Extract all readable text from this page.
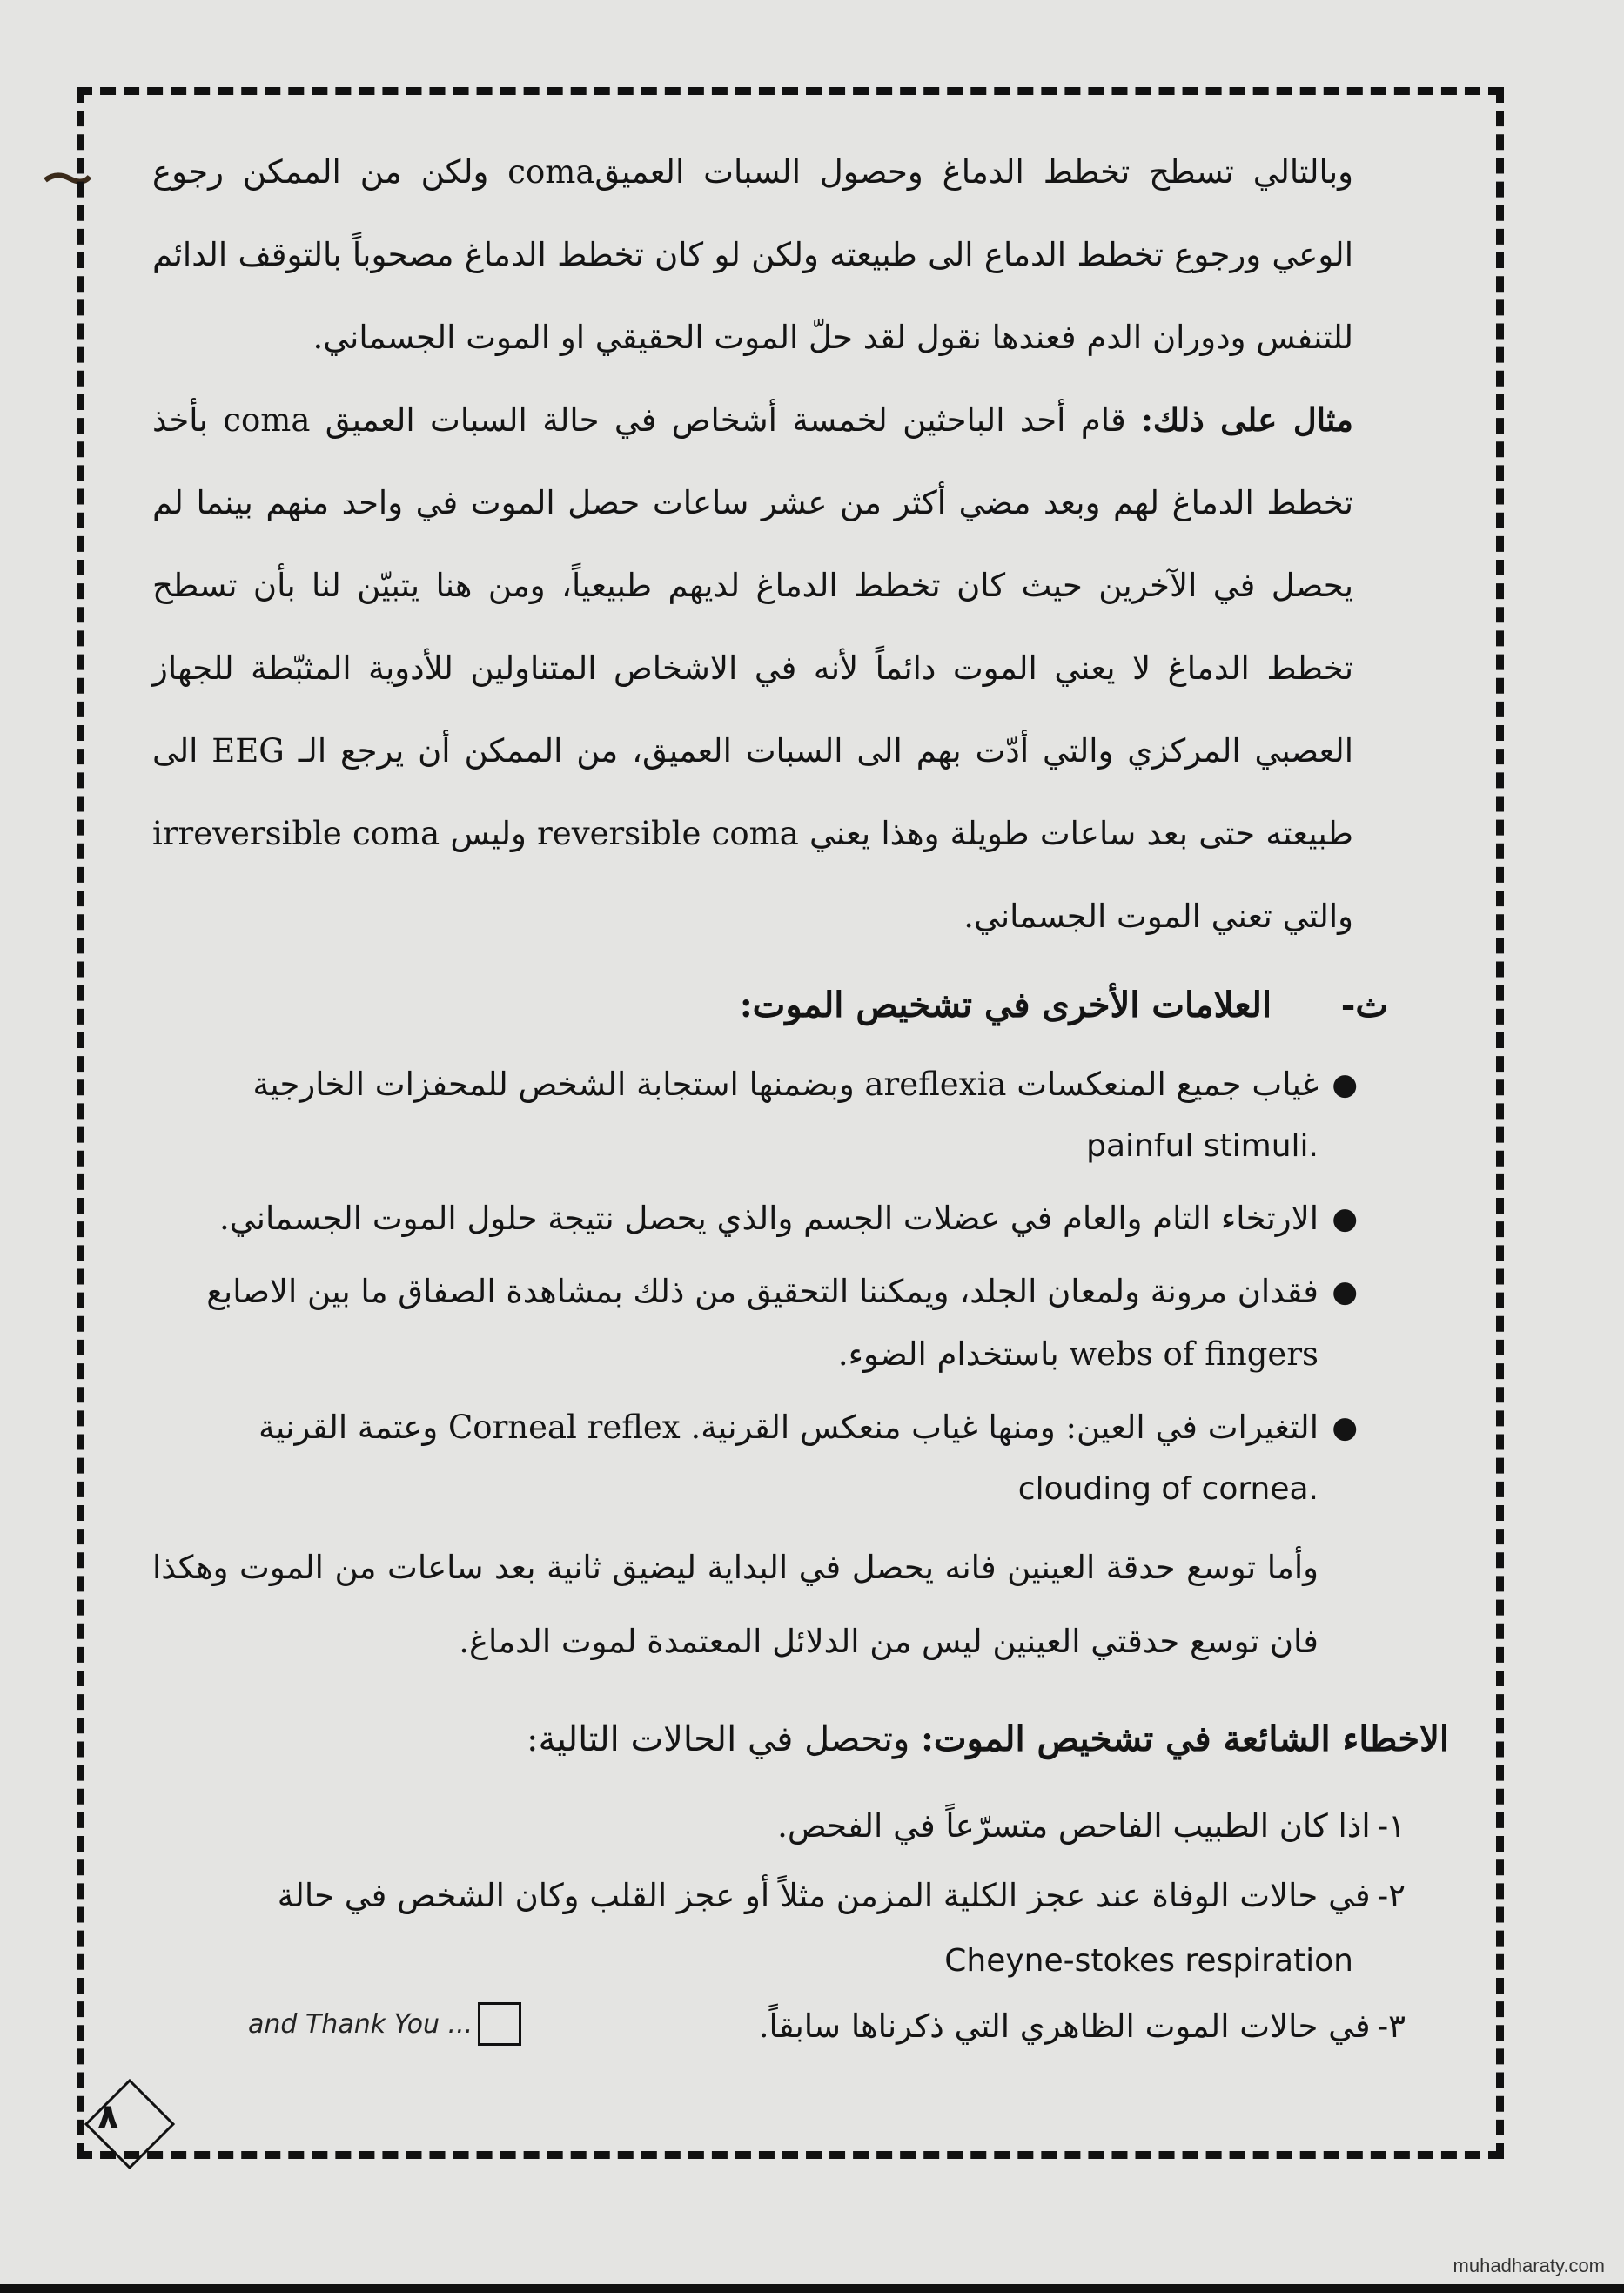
وبالتالي تسطح تخطط الدماغ وحصول السبات العميقcoma ولكن من الممكن رجوع الوعي ورجوع تخطط الدماع الى طبيعته ولكن لو كان تخطط الدماغ مصحوباً بالتوقف الدائم للتنفس ودوران الدم فعندها نقول لقد حلّ الموت الحقيقي او الموت الجسماني.

مثال على ذلك: قام أحد الباحثين لخمسة أشخاص في حالة السبات العميق coma بأخذ تخطط الدماغ لهم وبعد مضي أكثر من عشر ساعات حصل الموت في واحد منهم بينما لم يحصل في الآخرين حيث كان تخطط الدماغ لديهم طبيعياً، ومن هنا يتبيّن لنا بأن تسطح تخطط الدماغ لا يعني الموت دائماً لأنه في الاشخاص المتناولين للأدوية المثبّطة للجهاز العصبي المركزي والتي أدّت بهم الى السبات العميق، من الممكن أن يرجع الـ EEG الى طبيعته حتى بعد ساعات طويلة وهذا يعني reversible coma وليس irreversible coma والتي تعني الموت الجسماني.

ث- العلامات الأخرى في تشخيص الموت:
●
غياب جميع المنعكسات areflexia وبضمنها استجابة الشخص للمحفزات الخارجية
painful stimuli.
●
الارتخاء التام والعام في عضلات الجسم والذي يحصل نتيجة حلول الموت الجسماني.
●
فقدان مرونة ولمعان الجلد، ويمكننا التحقيق من ذلك بمشاهدة الصفاق ما بين الاصابع
webs of fingers باستخدام الضوء.
●
التغيرات في العين: ومنها غياب منعكس القرنية. Corneal reflex وعتمة القرنية
clouding of cornea.

وأما توسع حدقة العينين فانه يحصل في البداية ليضيق ثانية بعد ساعات من الموت وهكذا فان توسع حدقتي العينين ليس من الدلائل المعتمدة لموت الدماغ.

الاخطاء الشائعة في تشخيص الموت: وتحصل في الحالات التالية:
١-اذا كان الطبيب الفاحص متسرّعاً في الفحص.
٢-في حالات الوفاة عند عجز الكلية المزمن مثلاً أو عجز القلب وكان الشخص في حالة
Cheyne-stokes respiration
٣-في حالات الموت الظاهري التي ذكرناها سابقاً.
and Thank You ...
٨
muhadharaty.com
